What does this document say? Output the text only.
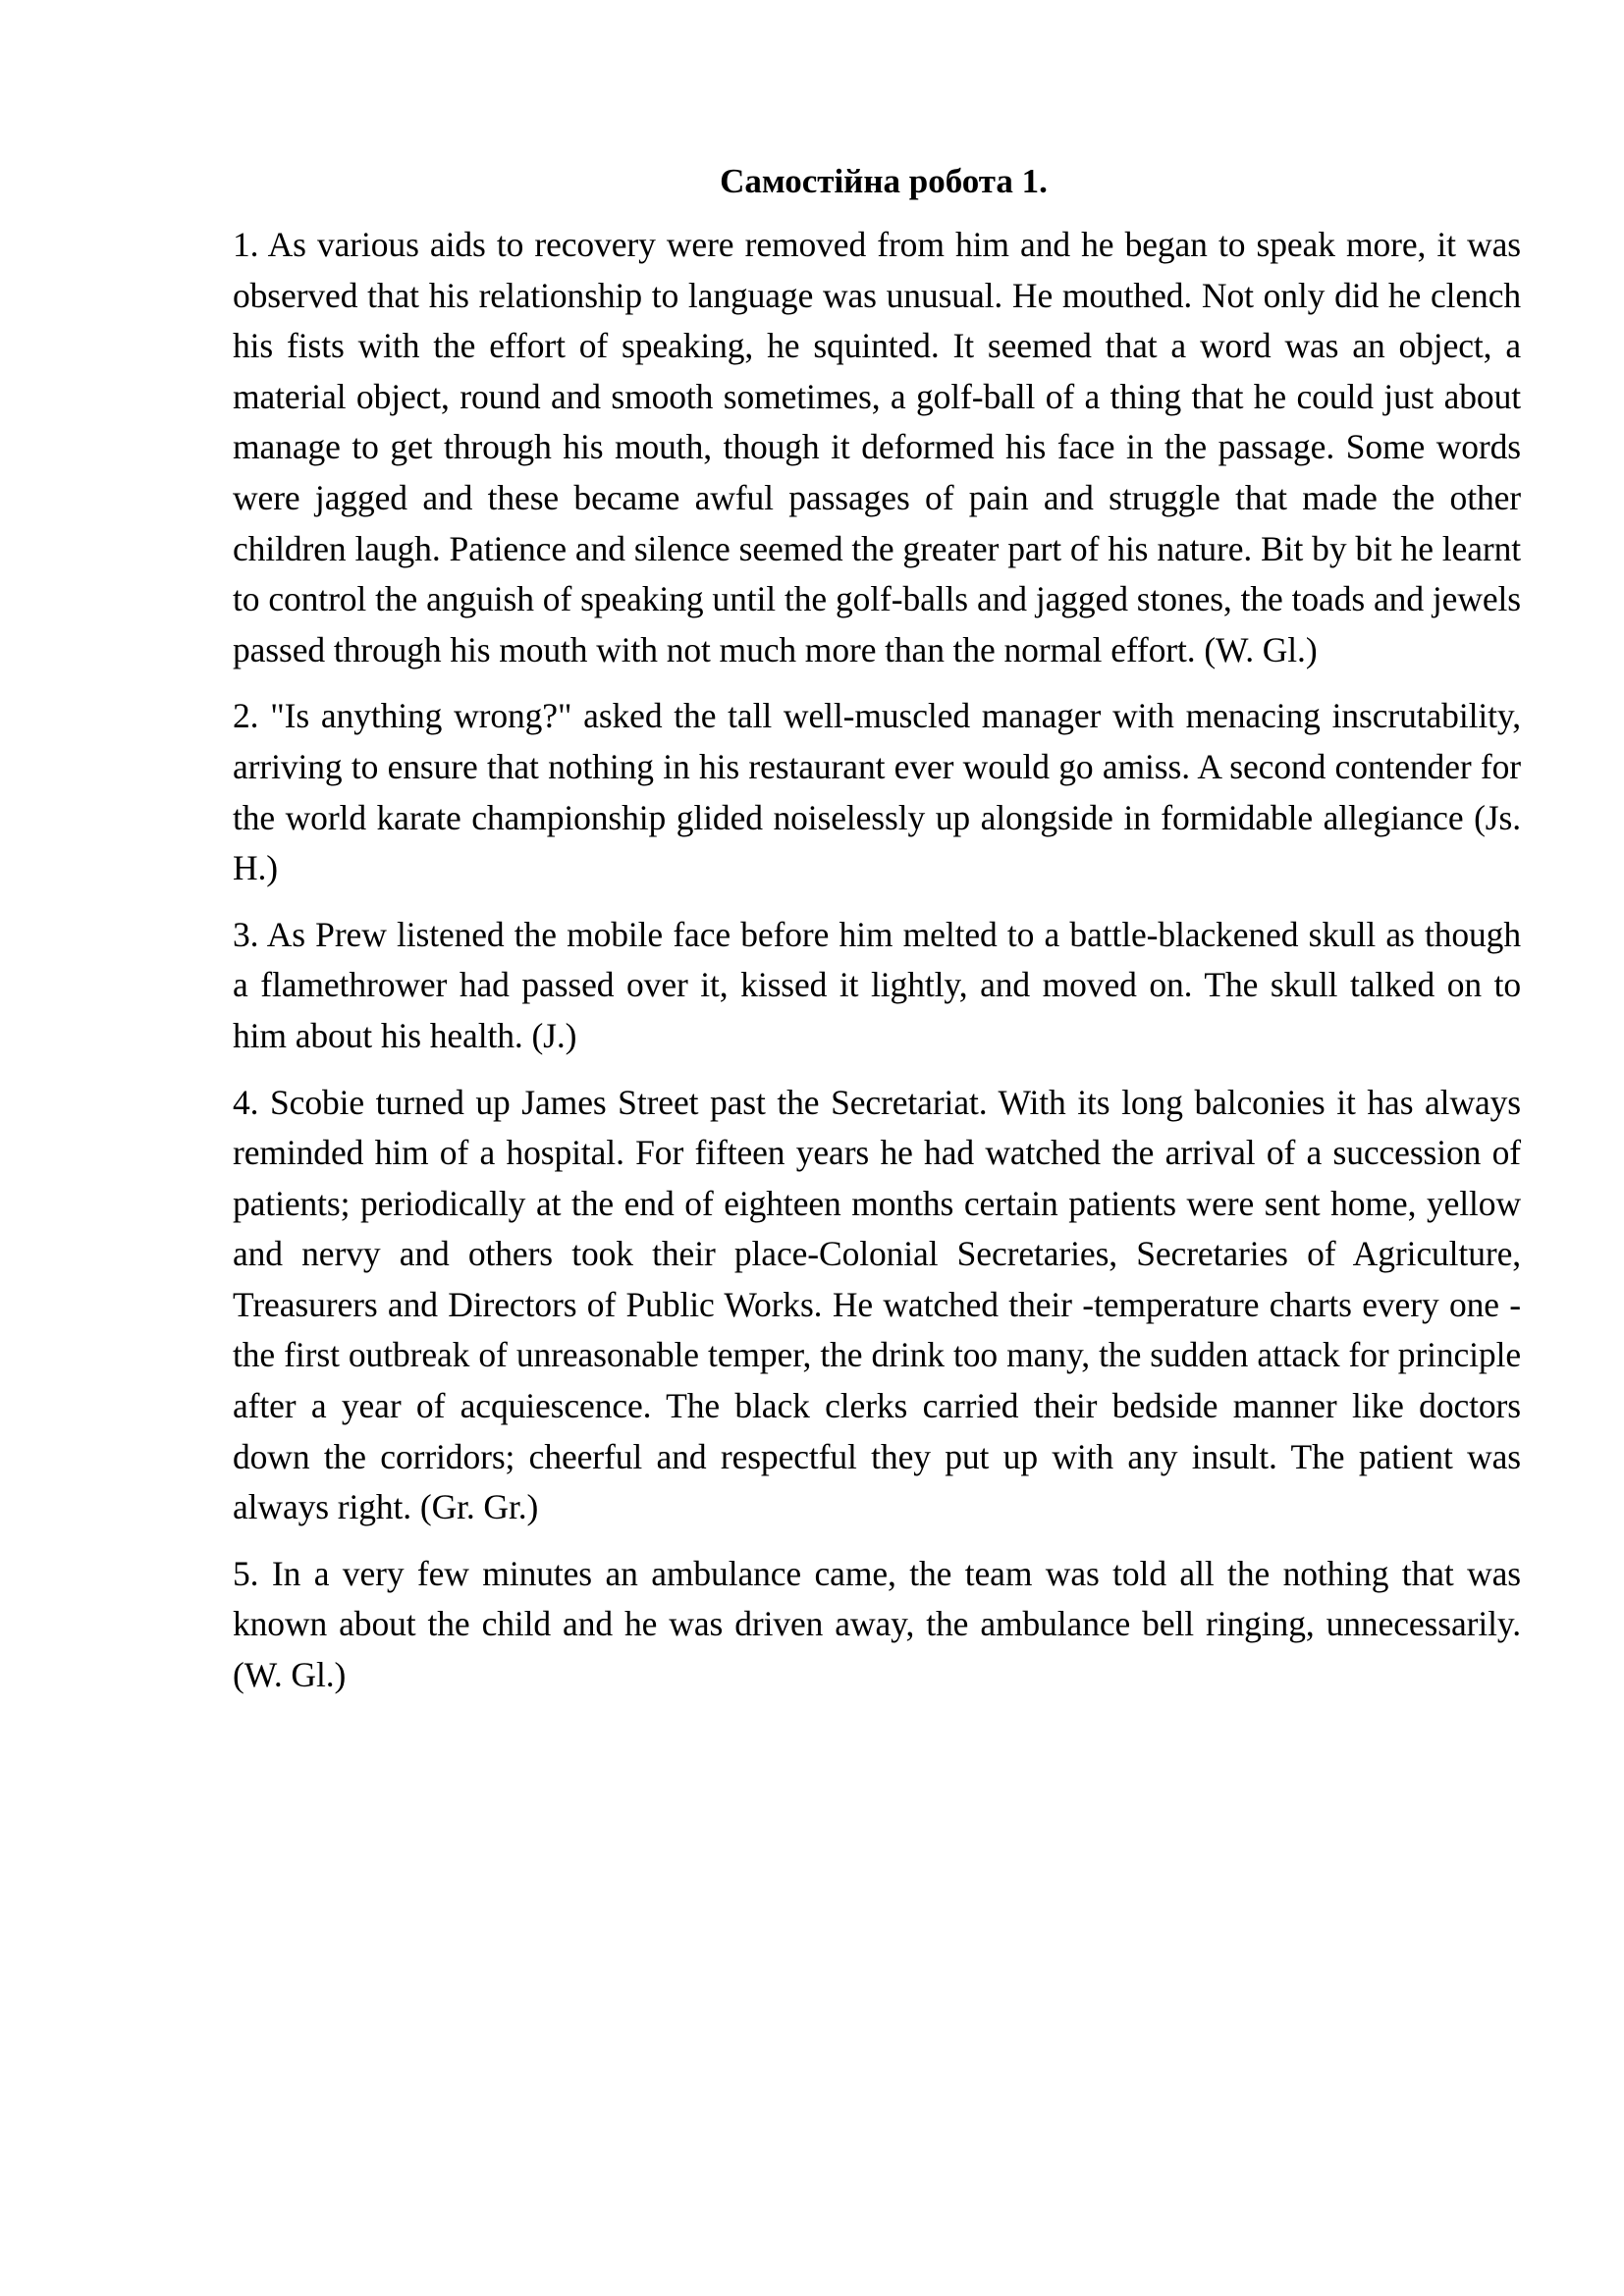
Самостійна робота 1.

1. As various aids to recovery were removed from him and he began to speak more, it was observed that his relationship to language was unusual. He mouthed. Not only did he clench his fists with the effort of speaking, he squinted. It seemed that a word was an object, a material object, round and smooth sometimes, a golf-ball of a thing that he could just about manage to get through his mouth, though it deformed his face in the passage. Some words were jagged and these became awful passages of pain and struggle that made the other children laugh. Patience and silence seemed the greater part of his nature. Bit by bit he learnt to control the anguish of speaking until the golf-balls and jagged stones, the toads and jewels passed through his mouth with not much more than the normal effort. (W. Gl.)

2. "Is anything wrong?" asked the tall well-muscled manager with menacing inscrutability, arriving to ensure that nothing in his restaurant ever would go amiss. A second contender for the world karate championship glided noiselessly up alongside in formidable allegiance (Js. H.)

3. As Prew listened the mobile face before him melted to a battle-blackened skull as though a flamethrower had passed over it, kissed it lightly, and moved on. The skull talked on to him about his health. (J.)

4. Scobie turned up James Street past the Secretariat. With its long balconies it has always reminded him of a hospital. For fifteen years he had watched the arrival of a succession of patients; periodically at the end of eighteen months certain patients were sent home, yellow and nervy and others took their place-Colonial Secretaries, Secretaries of Agriculture, Treasurers and Directors of Public Works. He watched their -temperature charts every one - the first outbreak of unreasonable temper, the drink too many, the sudden attack for principle after a year of acquiescence. The black clerks carried their bedside manner like doctors down the corridors; cheerful and respectful they put up with any insult. The patient was always right. (Gr. Gr.)

5. In a very few minutes an ambulance came, the team was told all the nothing that was known about the child and he was driven away, the ambulance bell ringing, unnecessarily. (W. Gl.)
